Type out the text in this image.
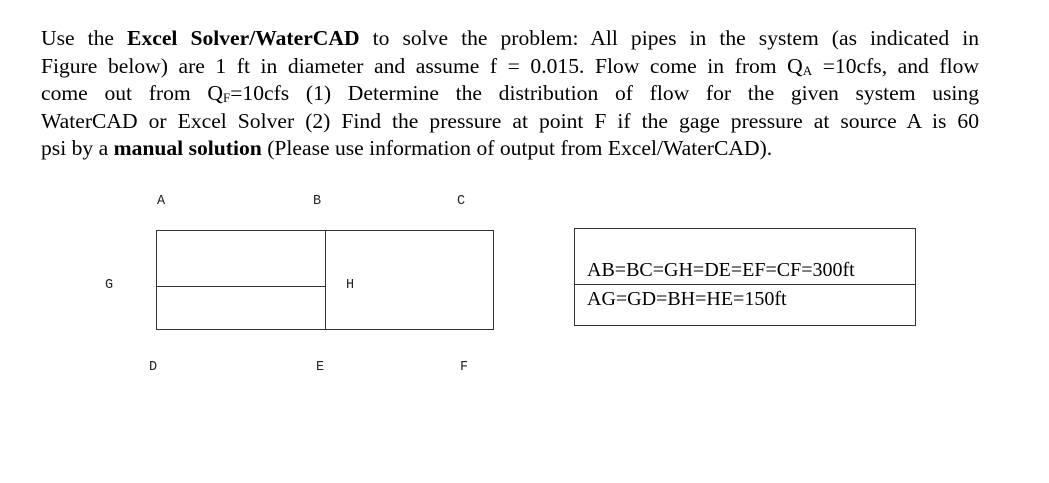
Use the Excel Solver/WaterCAD to solve the problem: All pipes in the system (as indicated in
Figure below) are 1 ft in diameter and assume f = 0.015. Flow come in from $Q_A =10cfs$, and flow
come out from $Q_F=10cfs$ (1) Determine the distribution of flow for the given system using
WaterCAD or Excel Solver (2) Find the pressure at point F if the gage pressure at source A is 60
psi by a manual solution (Please use information of output from Excel/WaterCAD).
A	B	C
G	H
D	E	F
AB=BC=GH=DE=EF=CF=300ft
AG=GD=BH=HE=150ft
